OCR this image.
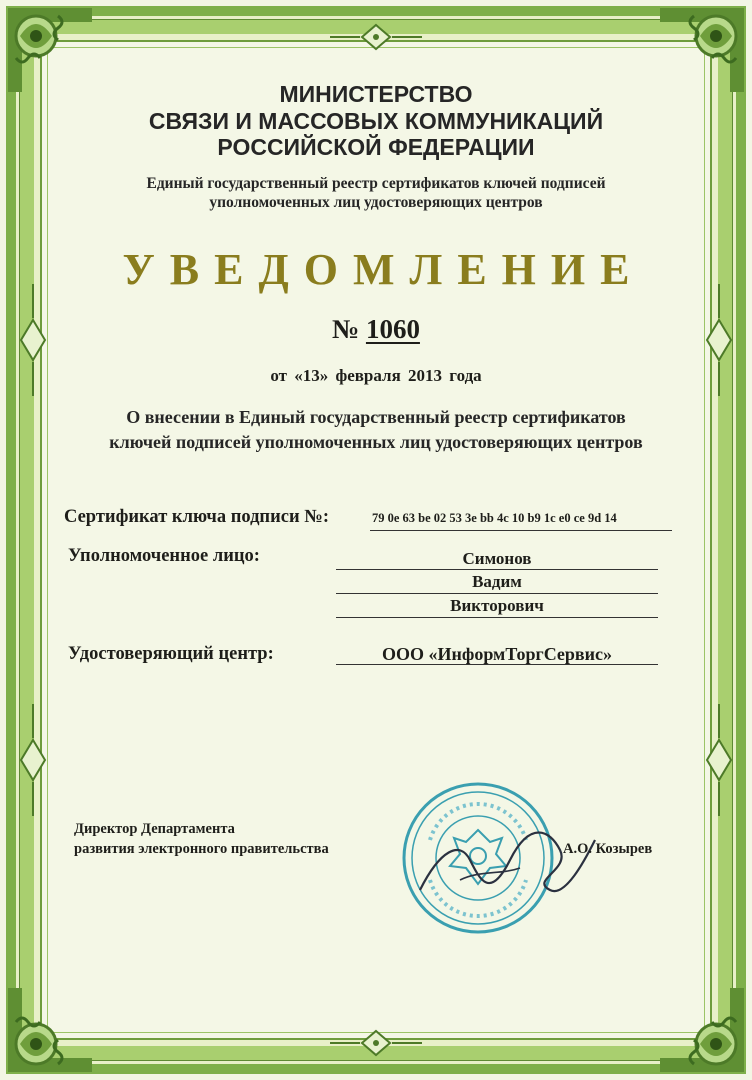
МИНИСТЕРСТВО
СВЯЗИ И МАССОВЫХ КОММУНИКАЦИЙ
РОССИЙСКОЙ ФЕДЕРАЦИИ
Единый государственный реестр сертификатов ключей подписей
уполномоченных лиц удостоверяющих центров
УВЕДОМЛЕНИЕ
№ 1060
от «13» февраля 2013 года
О внесении в Единый государственный реестр сертификатов
ключей подписей уполномоченных лиц удостоверяющих центров
Сертификат ключа подписи №:	79 0e 63 be 02 53 3e bb 4c 10 b9 1c e0 ce 9d 14
Уполномоченное лицо:	Симонов
Вадим
Викторович
Удостоверяющий центр:	ООО «ИнформТоргСервис»
Директор Департамента
развития электронного правительства	А.О. Козырев
